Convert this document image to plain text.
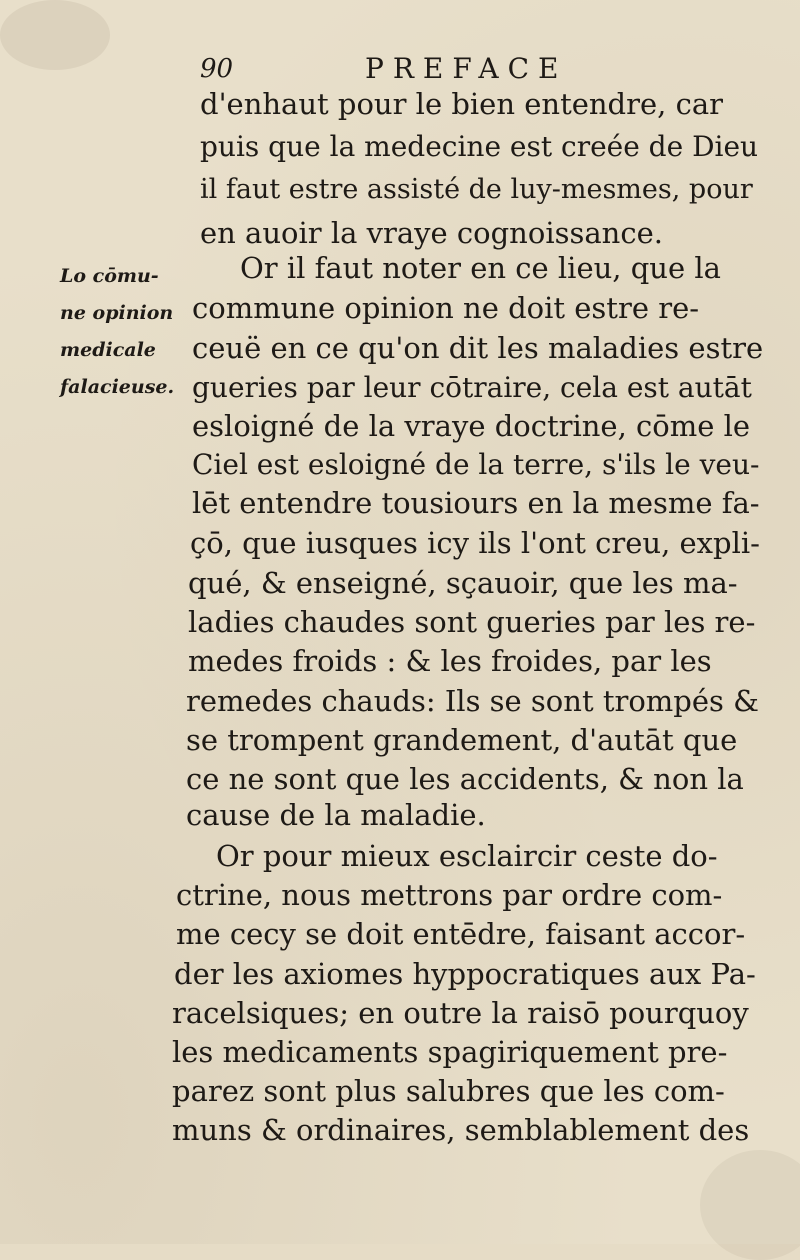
90	PREFACE
Lo cōmu-
ne opinion
medicale
falacieuse.
d'enhaut pour le bien entendre, car
puis que la medecine est creée de Dieu
il faut estre assisté de luy-mesmes, pour
en auoir la vraye cognoissance.
Or il faut noter en ce lieu, que la
commune opinion ne doit estre re-
ceuë en ce qu'on dit les maladies estre
gueries par leur cōtraire, cela est autāt
esloigné de la vraye doctrine, cōme le
Ciel est esloigné de la terre, s'ils le veu-
lēt entendre tousiours en la mesme fa-
çō, que iusques icy ils l'ont creu, expli-
qué, & enseigné, sçauoir, que les ma-
ladies chaudes sont gueries par les re-
medes froids : & les froides, par les
remedes chauds: Ils se sont trompés &
se trompent grandement, d'autāt que
ce ne sont que les accidents, & non la
cause de la maladie.
Or pour mieux esclaircir ceste do-
ctrine, nous mettrons par ordre com-
me cecy se doit entēdre, faisant accor-
der les axiomes hyppocratiques aux Pa-
racelsiques; en outre la raisō pourquoy
les medicaments spagiriquement pre-
parez sont plus salubres que les com-
muns & ordinaires, semblablement des
